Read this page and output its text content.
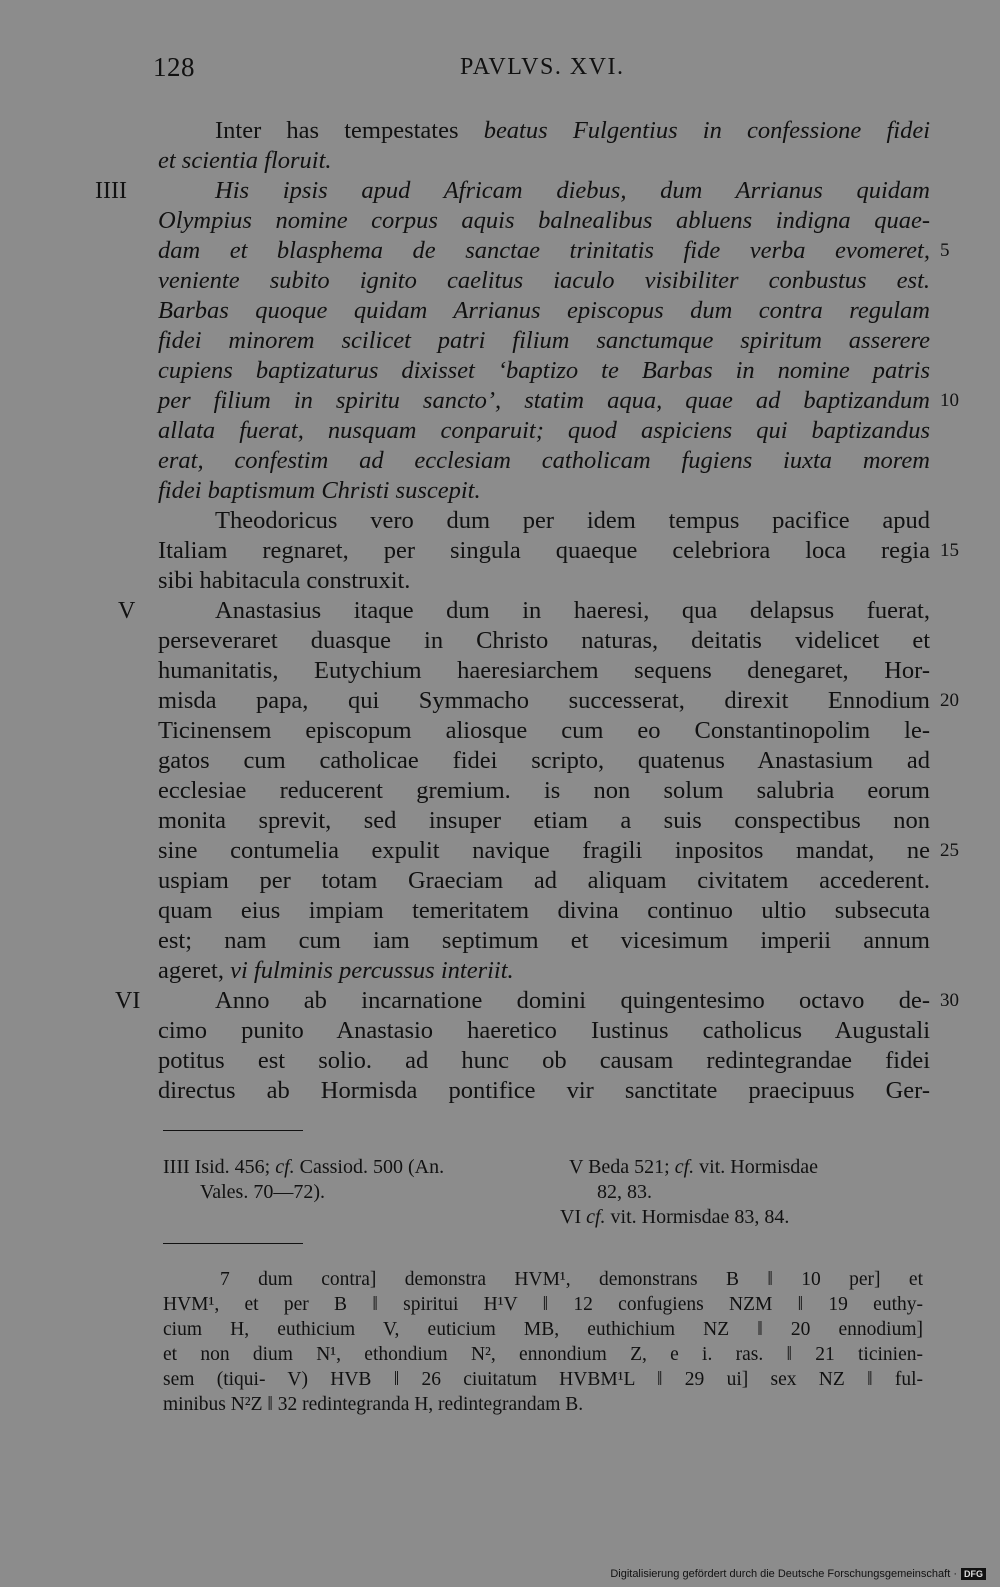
128	PAVLVS. XVI.
IIII
V
VI
5
10
15
20
25
30
Inter has tempestates beatus Fulgentius in confessione fidei
et scientia floruit.
His ipsis apud Africam diebus, dum Arrianus quidam
Olympius nomine corpus aquis balnealibus abluens indigna quae-
dam et blasphema de sanctae trinitatis fide verba evomeret,
veniente subito ignito caelitus iaculo visibiliter conbustus est.
Barbas quoque quidam Arrianus episcopus dum contra regulam
fidei minorem scilicet patri filium sanctumque spiritum asserere
cupiens baptizaturus dixisset ‘baptizo te Barbas in nomine patris
per filium in spiritu sancto’, statim aqua, quae ad baptizandum
allata fuerat, nusquam conparuit; quod aspiciens qui baptizandus
erat, confestim ad ecclesiam catholicam fugiens iuxta morem
fidei baptismum Christi suscepit.
Theodoricus vero dum per idem tempus pacifice apud
Italiam regnaret, per singula quaeque celebriora loca regia
sibi habitacula construxit.
Anastasius itaque dum in haeresi, qua delapsus fuerat,
perseveraret duasque in Christo naturas, deitatis videlicet et
humanitatis, Eutychium haeresiarchem sequens denegaret, Hor-
misda papa, qui Symmacho successerat, direxit Ennodium
Ticinensem episcopum aliosque cum eo Constantinopolim le-
gatos cum catholicae fidei scripto, quatenus Anastasium ad
ecclesiae reducerent gremium. is non solum salubria eorum
monita sprevit, sed insuper etiam a suis conspectibus non
sine contumelia expulit navique fragili inpositos mandat, ne
uspiam per totam Graeciam ad aliquam civitatem accederent.
quam eius impiam temeritatem divina continuo ultio subsecuta
est; nam cum iam septimum et vicesimum imperii annum
ageret, vi fulminis percussus interiit.
Anno ab incarnatione domini quingentesimo octavo de-
cimo punito Anastasio haeretico Iustinus catholicus Augustali
potitus est solio. ad hunc ob causam redintegrandae fidei
directus ab Hormisda pontifice vir sanctitate praecipuus Ger-
IIII Isid. 456; cf. Cassiod. 500 (An.
Vales. 70—72).
V Beda 521; cf. vit. Hormisdae
82, 83.
VI cf. vit. Hormisdae 83, 84.
7 dum contra] demonstra HVM¹, demonstrans B ‖ 10 per] et
HVM¹, et per B ‖ spiritui H¹V ‖ 12 confugiens NZM ‖ 19 euthy-
cium H, euthicium V, euticium MB, euthichium NZ ‖ 20 ennodium]
et non dium N¹, ethondium N², ennondium Z, e i. ras. ‖ 21 ticinien-
sem (tiqui- V) HVB ‖ 26 ciuitatum HVBM¹L ‖ 29 ui] sex NZ ‖ ful-
minibus N²Z ‖ 32 redintegranda H, redintegrandam B.
Digitalisierung gefördert durch die Deutsche Forschungsgemeinschaft · DFG
